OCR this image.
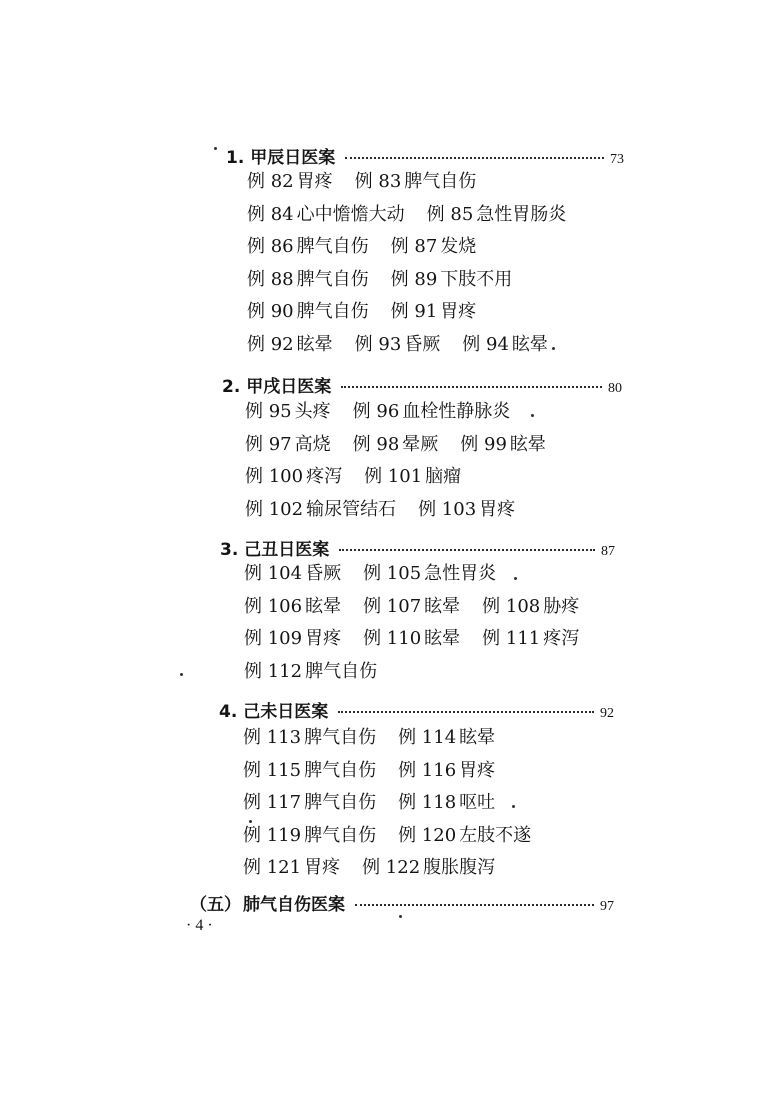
1. 甲辰日医案	73
例 82 胃疼 例 83 脾气自伤
例 84 心中憺憺大动 例 85 急性胃肠炎
例 86 脾气自伤 例 87 发烧
例 88 脾气自伤 例 89 下肢不用
例 90 脾气自伤 例 91 胃疼
例 92 眩晕 例 93 昏厥 例 94 眩晕
2. 甲戌日医案	80
例 95 头疼 例 96 血栓性静脉炎
例 97 高烧 例 98 晕厥 例 99 眩晕
例 100 疼泻 例 101 脑瘤
例 102 输尿管结石 例 103 胃疼
3. 己丑日医案	87
例 104 昏厥 例 105 急性胃炎
例 106 眩晕 例 107 眩晕 例 108 胁疼
例 109 胃疼 例 110 眩晕 例 111 疼泻
例 112 脾气自伤
4. 己未日医案	92
例 113 脾气自伤 例 114 眩晕
例 115 脾气自伤 例 116 胃疼
例 117 脾气自伤 例 118 呕吐
例 119 脾气自伤 例 120 左肢不遂
例 121 胃疼 例 122 腹胀腹泻
（五） 肺气自伤医案	97
· 4 ·
